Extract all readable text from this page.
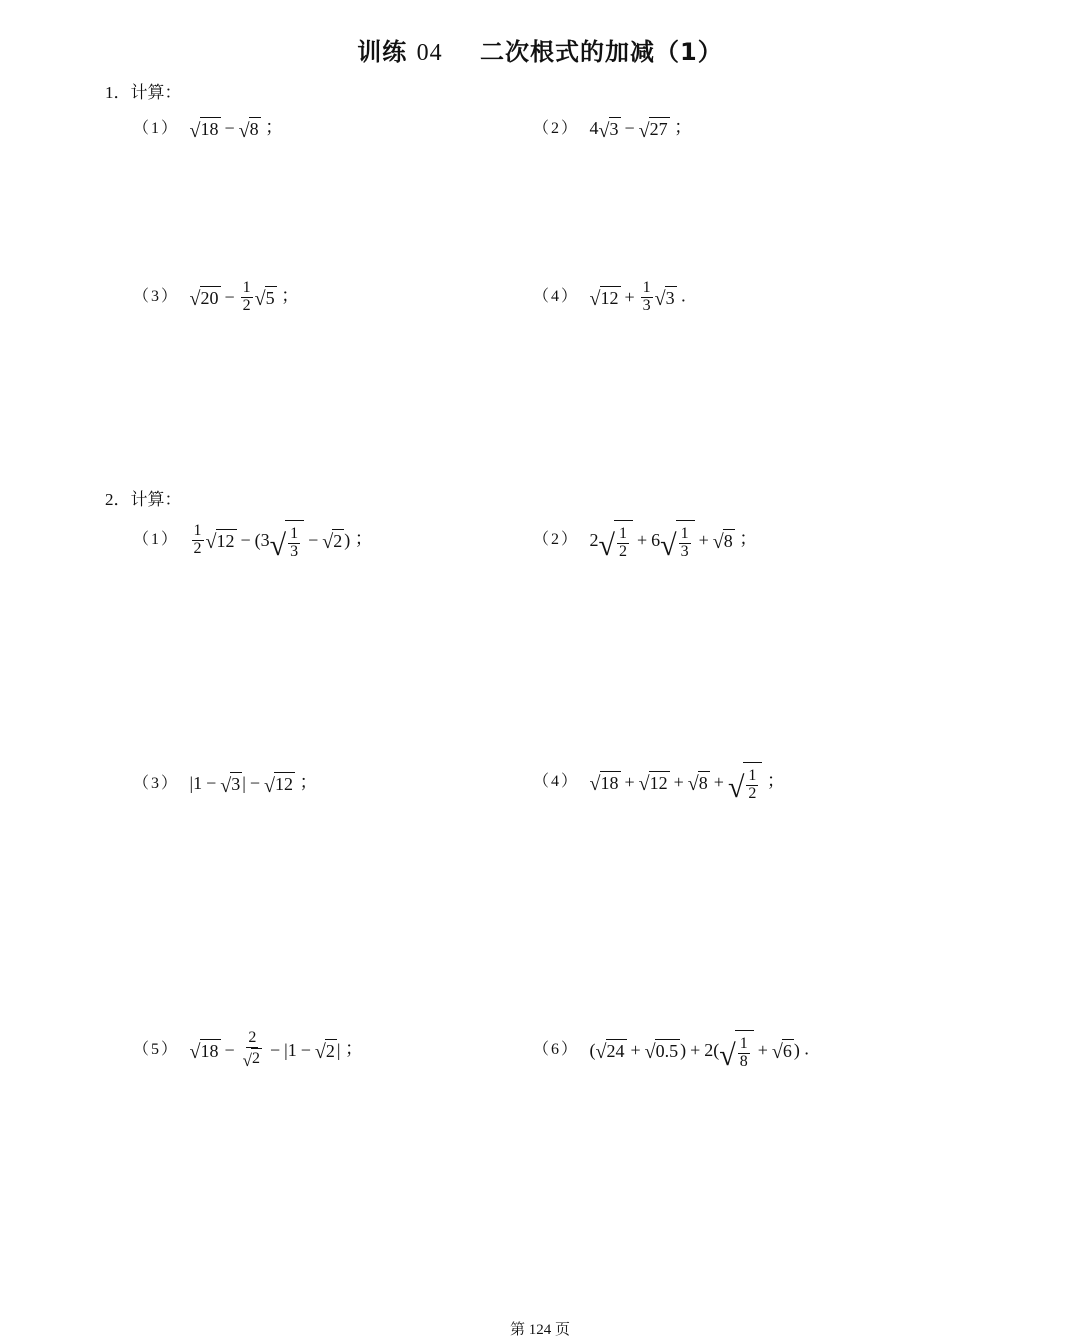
训练 04 二次根式的加减（1）
1．计算：
（1） √ 18 − √ 8 ；	（2） 4 √ 3 − √ 27 ；
（3） √ $20 - \frac{1}{2}$ √ 5 ；	（4） √ $12 + \frac{1}{3}$ √ 3 .
2．计算：
$(1) \frac{1}{2}$ √ 12 − (3 √ $\frac{1}{3}$ − √ 2 ) ；	（2） 2 √ $\frac{1}{2} + 6$ √ $\frac{1}{3}$ + √ 8 ；
（3） |1 − √ 3 | − √ 12 ；	（4） √ 18 + √ 12 + √ 8 + √ $\frac{1}{2}$ ；
（5） √ $18 - \frac{2}{√ 2} - |1$ − √ 2 | ；	（6） ( √ 24 + √ 0.5 ) + 2( √ $\frac{1}{8}$ + √ 6 ) .
第 124 页
